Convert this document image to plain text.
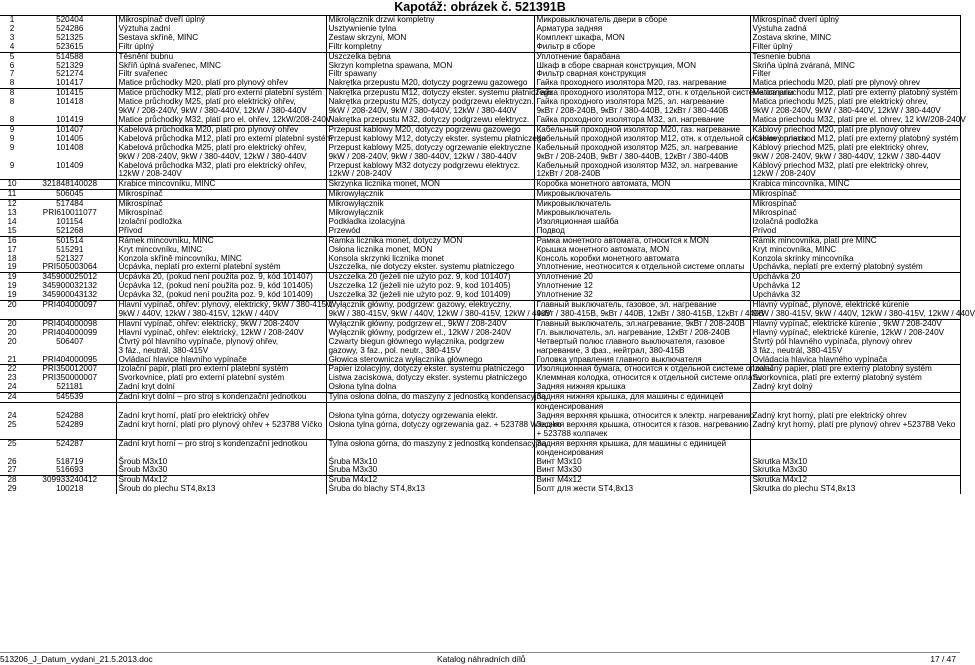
Kapotáž: obrázek č. 521391B
1	520404	Mikrospínač dveří úplný	Mikrołącznik drzwi kompletny	Микровыключатель двери в сборе	Mikrospínač dverí úplný
2	524286	Výztuha zadní	Usztywnienie tylna	Арматура задняя	Výstuha zadná
3	521325	Sestava skříně, MINC	Zestaw skrzyni, MON	Комплект шкафа, MON	Zostava skrine, MINC
4	523615	Filtr úplný	Filtr kompletny	Фильтр в сборе	Filter úplný
5	514588	Těsnění bubnu	Uszczelka bębna	Уплотнение барабана	Tesnenie bubna
6	521329	Skříň úplná svařenec, MINC	Skrzyn kompletna spawana, MON	Шкаф в сборе сварная конструкция, MON	Skriňa úplná zváraná, MINC
7	521274	Filtr svařenec	Filtr spawany	Фильтр сварная конструкция	Filter
8	101417	Matice průchodky M20, platí pro plynový ohřev	Nakrętka przepustu M20, dotyczy pogrzewu gazowego	Гайка проходного изолятора M20, газ. нагревание	Matica priechodu M20, platí pre plynový ohrev
8	101415	Matice průchodky M12, platí pro externí platební systém	Nakrętka przepustu M12, dotyczy ekster. systemu płatniczego	Гайка проходного изолятора M12, отн. к отдельной системе оплаты	Matica priechodu M12, platí pre externý platobný systém
8	101418	Matice průchodky M25, platí pro elektrický ohřev,	Nakrętka przepustu M25, dotyczy podgrzewu elektryczn.	Гайка проходного изолятора M25, эл. нагревание	Matica priechodu M25, platí pre elektrický ohrev,
		9kW / 208-240V, 9kW / 380-440V, 12kW / 380-440V	9kW / 208-240V, 9kW / 380-440V, 12kW / 380-440V	9кВт / 208-240В, 9кВт / 380-440В, 12кВт / 380-440В	9kW / 208-240V, 9kW / 380-440V, 12kW / 380-440V
8	101419	Matice průchodky M32, platí pro el. ohřev, 12kW/208-240V	Nakrętka przepustu M32, dotyczy podgrzewu elektrycz.	Гайка проходного изолятора M32, эл. нагревание	Matica priechodu M32, platí pre el. ohrev, 12 kW/208-240V
9	101407	Kabelová průchodka M20, platí pro plynový ohřev	Przepust kablowy M20, dotyczy pogrzewu gazowego	Кабельный проходной изолятор M20, газ. нагревание	Káblový priechod M20, platí pre plynový ohrev
9	101405	Kabelová průchodka M12, platí pro externí platební systém	Przepust kablowy M12, dotyczy ekster. systemu płatniczego	Кабельный проходной изолятор M12, отн. к отдельной системе оплаты	Káblový priechod M12, platí pre externý platobný systém
9	101408	Kabelová průchodka M25, platí pro elektrický ohřev,	Przepust kablowy M25, dotyczy ogrzewanie elektryczne	Кабельный проходной изолятор M25, эл. нагревание	Káblový priechod M25, platí pre elektrický ohrev,
		9kW / 208-240V, 9kW / 380-440V, 12kW / 380-440V	9kW / 208-240V, 9kW / 380-440V, 12kW / 380-440V	9кВт / 208-240В, 9кВт / 380-440В, 12кВт / 380-440В	9kW / 208-240V, 9kW / 380-440V, 12kW / 380-440V
9	101409	Kabelová průchodka M32, platí pro elektrický ohřev,	Przepust kablowy M32 dotyczy podgrzewu elektrycz.	Кабельный проходной изолятор M32, эл. нагревание	Káblový priechod M32, platí pre elektrický ohrev,
		12kW / 208-240V	12kW / 208-240V	12кВт / 208-240В	12kW / 208-240V
10	321848140028	Krabice mincovníku, MINC	Skrzynka licznika monet, MON	Коробка монетного автомата, MON	Krabica mincovníka, MINC
11	506045	Mikrospínač	Mikrowyłącznik	Микровыключатель	Mikrospínač
12	517484	Mikrospínač	Mikrowyłącznik	Микровыключатель	Mikrospínač
13	PRI610011077	Mikrospínač	Mikrowyłącznik	Микровыключатель	Mikrospínač
14	101154	Izolační podložka	Podkładka izolacyjna	Изоляционная шайба	Izolačná podložka
15	521268	Přívod	Przewód	Подвод	Prívod
16	501514	Rámek mincovníku, MINC	Ramka licznika monet, dotyczy MON	Рамка монетного автомата, относится к MON	Rámik mincovníka, platí pre MINC
17	515291	Kryt mincovníku, MINC	Osłona licznika monet, MON	Крышка монетного автомата, MON	Kryt mincovníka, MINC
18	521327	Konzola skříně mincovníku, MINC	Konsola skrzynki licznika monet	Консоль коробки монетного автомата	Konzola skrinky mincovníka
19	PRI505003064	Úcpávka, neplatí pro externí platební systém	Uszczelka, nie dotyczy ekster. systemu płatniczego	Уплотнение, неотносится к отдельной системе оплаты	Upchávka, neplatí pre externý platobný systém
19	345900025012	Úcpávka 20, (pokud není použita poz. 9, kód 101407)	Uszczelka 20 (jeżeli nie użyto poz. 9, kod 101407)	Уплотнение 20	Upchávka 20
19	345900032132	Úcpávka 12, (pokud není použita poz. 9, kód 101405)	Uszczelka 12 (jeżeli nie użyto poz. 9, kod 101405)	Уплотнение 12	Upchávka 12
19	345900043132	Úcpávka 32, (pokud není použita poz. 9, kód 101409)	Uszczelka 32 (jeżeli nie użyto poz. 9, kod 101409)	Уплотнение 32	Upchávka 32
20	PRI404000097	Hlavní vypínač, ohřev: plynový, elektrický, 9kW / 380-415V,	Wyłącznik główny, podgrzew: gazowy, elektryczny,	Главный выключатель, газовое, эл. нагревание	Hlavný vypínač, plynové, elektrické kúrenie
		9kW / 440V, 12kW / 380-415V, 12kW / 440V	9kW / 380-415V, 9kW / 440V, 12kW / 380-415V, 12kW / 440V	9кВт / 380-415В, 9кВт / 440В, 12кВт / 380-415В, 12кВт / 440В	9kW / 380-415V, 9kW / 440V, 12kW / 380-415V, 12kW / 440V
20	PRI404000098	Hlavní vypínač, ohřev: elektrický, 9kW / 208-240V	Wyłącznik główny, podgrzew el., 9kW / 208-240V	Главный выключатель, эл.нагревание, 9кВт / 208-240В	Hlavný vypínač, elektrické kúrenie , 9kW / 208-240V
20	PRI404000099	Hlavní vypínač, ohřev: elektrický, 12kW / 208-240V	Wyłącznik główny, podgrzew el., 12kW / 208-240V	Гл. выключатель, эл. нагревание, 12кВт / 208-240В	Hlavný vypínač, elektrické kúrenie, 12kW / 208-240V
20	506407	Čtvrtý pól hlavního vypínače, plynový ohřev,	Czwarty biegun głównego wyłącznika, podgrzew	Четвертый полюс главного выключателя, газовое	Štvrtý pól hlavného vypínača, plynový ohrev
		3 fáz., neutrál, 380-415V	gazowy, 3 faz., pol. neutr., 380-415V	нагревание, 3 фаз., нейтрал, 380-415В	3 fáz., neutrál, 380-415V
21	PRI404000095	Ovládací hlavice hlavního vypínače	Głowica sterownicza wyłącznika głównego	Головка управления главного выключателя	Ovládacia hlavica hlavného vypínača
22	PRI350012007	Izolační papír, platí pro externí platební systém	Papier izolacyjny, dotyczy ekster. systemu płatniczego	Изоляционная бумага, относится к отдельной системе оплаты	Izolačný papier, platí pre externý platobný systém
23	PRI350000007	Svorkovnice, platí pro externí platební systém	Listwa zaciskowa, dotyczy ekster. systemu płatniczego	Клеммная колодка, относится к отдельной системе оплаты	Svorkovnica, platí pre externý platobný systém
24	521181	Zadní kryt dolní	Osłona tylna dolna	Задняя нижняя крышка	Zadný kryt dolný
24	545539	Zadní kryt dolní – pro stroj s kondenzační jednotkou	Tylna osłona dolna, do maszyny z jednostką kondensacyjną	Задняя нижняя крышка, для машины с единицей	
				конденсирования	
24	524288	Zadní kryt horní, platí pro elektrický ohřev	Osłona tylna górna, dotyczy ogrzewania elektr.	Задняя верхняя крышка, относится к электр. нагреванию	Zadný kryt horný, platí pre elektrický ohrev
25	524289	Zadní kryt horní, platí pro plynový ohřev + 523788 Víčko	Osłona tylna górna, dotyczy ogrzewania gaz. + 523788 Wieczko	Задняя верхняя крышка, относится к газов. нагреванию	Zadný kryt horný, platí pre plynový ohrev +523788 Veko
				+ 523788 колпачек	
25	524287	Zadní kryt horní – pro stroj s kondenzační jednotkou	Tylna osłona górna, do maszyny z jednostką kondensacyjną	Задняя верхняя крышка, для машины с единицей	
				конденсирования	
26	518719	Šroub M3x10	Śruba M3x10	Винт M3x10	Skrutka M3x10
27	516693	Šroub M3x30	Śruba M3x30	Винт M3x30	Skrutka M3x30
28	309933240412	Šroub M4x12	Śruba M4x12	Винт M4x12	Skrutka M4x12
29	100218	Šroub do plechu ST4,8x13	Śruba do blachy ST4,8x13	Болт для жести ST4,8x13	Skrutka do plechu ST4,8x13
513206_J_Datum_vydani_21.5.2013.doc	Katalog náhradních dílů	17 / 47
